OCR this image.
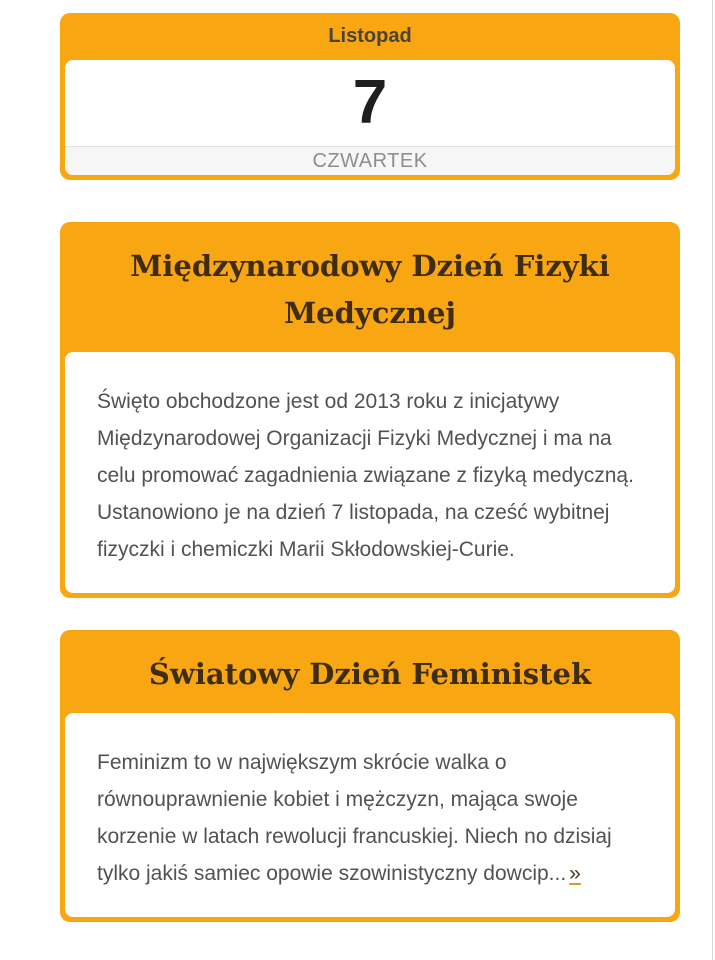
Listopad
7
CZWARTEK
Międzynarodowy Dzień Fizyki Medycznej

Święto obchodzone jest od 2013 roku z inicjatywy Międzynarodowej Organizacji Fizyki Medycznej i ma na celu promować zagadnienia związane z fizyką medyczną. Ustanowiono je na dzień 7 listopada, na cześć wybitnej fizyczki i chemiczki Marii Skłodowskiej-Curie.

Światowy Dzień Feministek

Feminizm to w największym skrócie walka o równouprawnienie kobiet i mężczyzn, mająca swoje korzenie w latach rewolucji francuskiej. Niech no dzisiaj tylko jakiś samiec opowie szowinistyczny dowcip... »
